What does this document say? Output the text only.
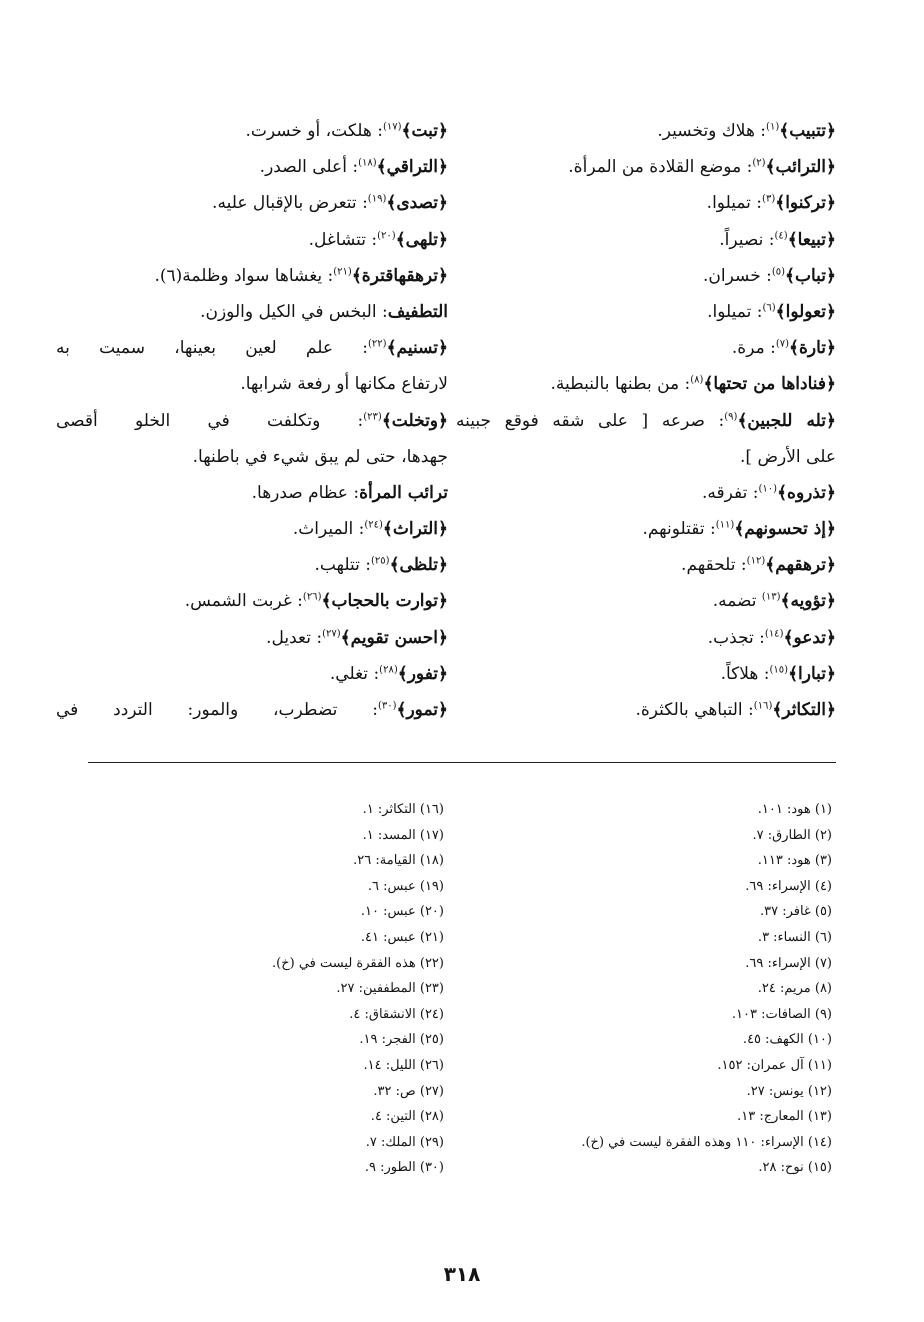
﴿تتبيب﴾$^{(١)}$: هلاك وتخسير.
﴿الترائب﴾$^{(٢)}$: موضع القلادة من المرأة.
﴿تركنوا﴾$^{(٣)}$: تميلوا.
﴿تبيعا﴾$^{(٤)}$: نصيراً.
﴿تباب﴾$^{(٥)}$: خسران.
﴿تعولوا﴾$^{(٦)}$: تميلوا.
﴿تارة﴾$^{(٧)}$: مرة.
﴿فناداها من تحتها﴾$^{(٨)}$: من بطنها بالنبطية.
﴿تله للجبين﴾$^{(٩)}$: صرعه [ على شقه فوقع جبينه
على الأرض ].
﴿تذروه﴾$^{(١٠)}$: تفرقه.
﴿إذ تحسونهم﴾$^{(١١)}$: تقتلونهم.
﴿ترهقهم﴾$^{(١٢)}$: تلحقهم.
﴿تؤويه﴾$^{(١٣)}$ تضمه.
﴿تدعو﴾$^{(١٤)}$: تجذب.
﴿تبارا﴾$^{(١٥)}$: هلاكاً.
﴿التكاثر﴾$^{(١٦)}$: التباهي بالكثرة.
﴿تبت﴾$^{(١٧)}$: هلكت، أو خسرت.
﴿التراقي﴾$^{(١٨)}$: أعلى الصدر.
﴿تصدى﴾$^{(١٩)}$: تتعرض بالإقبال عليه.
﴿تلهى﴾$^{(٢٠)}$: تتشاغل.
﴿ترهقهاقترة﴾$^{(٢١)}$: يغشاها سواد وظلمة(٦).
التطفيف: البخس في الكيل والوزن.
﴿تسنيم﴾$^{(٢٢)}$: علم لعين بعينها، سميت به
لارتفاع مكانها أو رفعة شرابها.
﴿وتخلت﴾$^{(٢٣)}$: وتكلفت في الخلو أقصى
جهدها، حتى لم يبق شيء في باطنها.
ترائب المرأة: عظام صدرها.
﴿التراث﴾$^{(٢٤)}$: الميراث.
﴿تلظى﴾$^{(٢٥)}$: تتلهب.
﴿توارت بالحجاب﴾$^{(٢٦)}$: غربت الشمس.
﴿احسن تقويم﴾$^{(٢٧)}$: تعديل.
﴿تفور﴾$^{(٢٨)}$: تغلي.
﴿تمور﴾$^{(٣٠)}$: تضطرب، والمور: التردد في
(١) هود: ١٠١.
(٢) الطارق: ٧.
(٣) هود: ١١٣.
(٤) الإسراء: ٦٩.
(٥) غافر: ٣٧.
(٦) النساء: ٣.
(٧) الإسراء: ٦٩.
(٨) مريم: ٢٤.
(٩) الصافات: ١٠٣.
(١٠) الكهف: ٤٥.
(١١) آل عمران: ١٥٢.
(١٢) يونس: ٢٧.
(١٣) المعارج: ١٣.
(١٤) الإسراء: ١١٠ وهذه الفقرة ليست في (خ).
(١٥) نوح: ٢٨.
(١٦) التكاثر: ١.
(١٧) المسد: ١.
(١٨) القيامة: ٢٦.
(١٩) عبس: ٦.
(٢٠) عبس: ١٠.
(٢١) عبس: ٤١.
(٢٢) هذه الفقرة ليست في (خ).
(٢٣) المطففين: ٢٧.
(٢٤) الانشقاق: ٤.
(٢٥) الفجر: ١٩.
(٢٦) الليل: ١٤.
(٢٧) ص: ٣٢.
(٢٨) التين: ٤.
(٢٩) الملك: ٧.
(٣٠) الطور: ٩.
٣١٨
